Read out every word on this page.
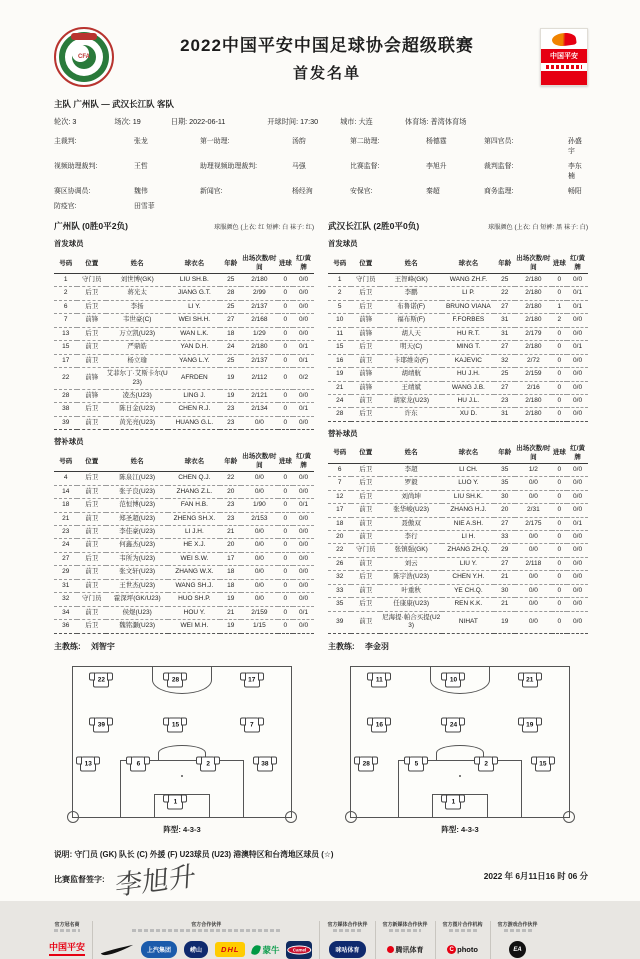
CFA
2022中国平安中国足球协会超级联赛
首发名单
中国平安
主队 广州队 — 武汉长江队 客队
轮次: 3	场次: 19	日期: 2022-06-11	开球时间: 17:30	城市: 大连	体育场: 普湾体育场
主裁判:	张龙	第一助理:	汤韵	第二助理:	杨德霆	第四官员:	孙盛宇
视频助理裁判:	王哲	助理视频助理裁判:	马强	比赛监督:	李旭升	裁判监督:	李东楠
赛区协调员:	魏伟	新闻官:	杨经洵	安保官:	秦超	商务监理:	畅阳
防疫官:	田雪菲
广州队 (0胜0平2负)	球服颜色 (上衣: 红 短裤: 白 袜子: 红)
首发球员
号码	位置	姓名	球衣名	年龄	出场次数/时间	进球	红/黄牌
1	守门员	刘世博(GK)	LIU SH.B.	25	2/180	0	0/0
2	后卫	蒋光太	JIANG G.T.	28	2/99	0	0/0
6	后卫	李扬	LI Y.	25	2/137	0	0/0
7	前锋	韦世豪(C)	WEI SH.H.	27	2/168	0	0/0
13	后卫	万立凯(U23)	WAN L.K.	18	1/29	0	0/0
15	前卫	严鼎皓	YAN D.H.	24	2/180	0	0/1
17	前卫	杨立瑜	YANG L.Y.	25	2/137	0	0/1
22	前锋	艾菲尔丁·艾斯卡尔(U23)	AFRDEN	19	2/112	0	0/2
28	前锋	凌杰(U23)	LING J.	19	2/121	0	0/0
38	后卫	陈日金(U23)	CHEN R.J.	23	2/134	0	0/1
39	前卫	黄光亮(U23)	HUANG G.L.	23	0/0	0	0/0
替补球员
号码	位置	姓名	球衣名	年龄	出场次数/时间	进球	红/黄牌
4	后卫	陈泉江(U23)	CHEN Q.J.	22	0/0	0	0/0
14	前卫	张子良(U23)	ZHANG Z.L.	20	0/0	0	0/0
18	后卫	范恒博(U23)	FAN H.B.	23	1/90	0	0/1
21	前卫	郑圣超(U23)	ZHENG SH.X.	23	2/153	0	0/0
23	前卫	李佳豪(U23)	LI J.H.	21	0/0	0	0/0
24	前卫	何鑫杰(U23)	HE X.J.	20	0/0	0	0/0
27	后卫	韦所为(U23)	WEI S.W.	17	0/0	0	0/0
29	前卫	张文轩(U23)	ZHANG W.X.	18	0/0	0	0/0
31	前卫	王世杰(U23)	WANG SH.J.	18	0/0	0	0/0
32	守门员	霍深坪(GK/U23)	HUO SH.P.	19	0/0	0	0/0
34	前卫	侯煜(U23)	HOU Y.	21	2/159	0	0/1
36	后卫	魏铭灏(U23)	WEI M.H.	19	1/15	0	0/0
主教练: 刘智宇
武汉长江队 (2胜0平0负)	球服颜色 (上衣: 白 短裤: 黑 袜子: 白)
首发球员
号码	位置	姓名	球衣名	年龄	出场次数/时间	进球	红/黄牌
1	守门员	王智峰(GK)	WANG ZH.F.	25	2/180	0	0/0
2	后卫	李鹏	LI P.	22	2/180	0	0/1
5	后卫	布鲁诺(F)	BRUNO VIANA	27	2/180	1	0/1
10	前锋	福布斯(F)	F.FORBES	31	2/180	2	0/0
11	前锋	胡人天	HU R.T.	31	2/179	0	0/0
15	后卫	明天(C)	MING T.	27	2/180	0	0/1
16	前卫	卡耶维奇(F)	KAJEVIC	32	2/72	0	0/0
19	前锋	胡靖航	HU J.H.	25	2/159	0	0/0
21	前锋	王靖斌	WANG J.B.	27	2/16	0	0/0
24	前卫	胡家龙(U23)	HU J.L.	23	2/180	0	0/0
28	后卫	许东	XU D.	31	2/180	0	0/0
替补球员
号码	位置	姓名	球衣名	年龄	出场次数/时间	进球	红/黄牌
6	后卫	李超	LI CH.	35	1/2	0	0/0
7	后卫	罗毅	LUO Y.	35	0/0	0	0/0
12	后卫	刘尚坤	LIU SH.K.	30	0/0	0	0/0
17	前卫	张华峻(U23)	ZHANG H.J.	20	2/31	0	0/0
18	前卫	聂傲双	NIE A.SH.	27	2/175	0	0/1
20	前卫	李行	LI H.	33	0/0	0	0/0
22	守门员	张镇强(GK)	ZHANG ZH.Q.	29	0/0	0	0/0
26	前卫	刘云	LIU Y.	27	2/118	0	0/0
32	后卫	陈宇浩(U23)	CHEN Y.H.	21	0/0	0	0/0
33	前卫	叶重秋	YE CH.Q.	30	0/0	0	0/0
35	后卫	任康康(U23)	REN K.K.	21	0/0	0	0/0
39	前卫	尼海提·帕合买提(U23)	NIHAT	19	0/0	0	0/0
主教练: 李金羽
22	28	17
39	15	7
13	6	2	38
1
阵型: 4-3-3
11	10	21
16	24	19
28	5	2	15
1
阵型: 4-3-3
说明: 守门员 (GK) 队长 (C) 外援 (F) U23球员 (U23) 港澳特区和台湾地区球员 (☆)
比赛监督签字: 李旭升	2022 年 6月11日16 时 06 分
官方冠名商
中国平安
官方合作伙伴
上汽集团	崂山	DHL	蒙牛	Camel
官方媒体合作伙伴
咪咕体育
官方新媒体合作伙伴
腾讯体育
官方图片合作机构
C photo
官方游戏合作伙伴
EA
